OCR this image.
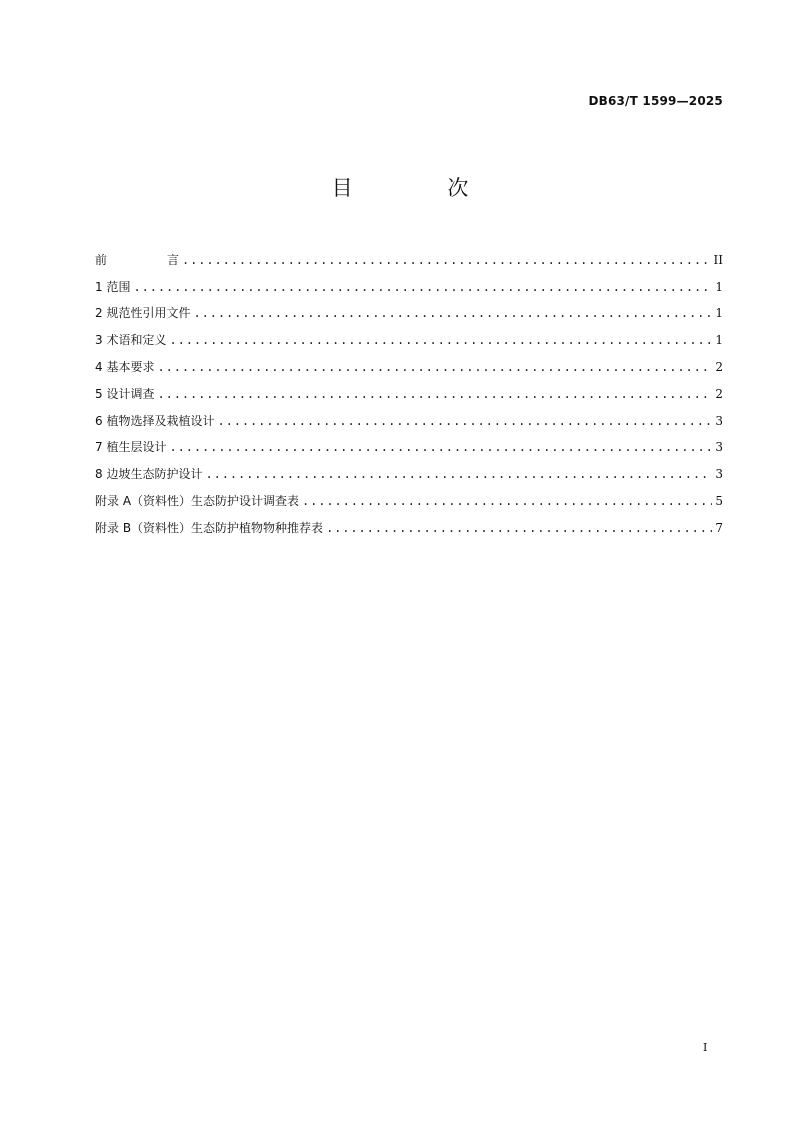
DB63/T 1599—2025
目 次
前	言 .....	II
1 范围 .....	1
2 规范性引用文件 .....	1
3 术语和定义 .....	1
4 基本要求 .....	2
5 设计调查 .....	2
6 植物选择及栽植设计 .....	3
7 植生层设计 .....	3
8 边坡生态防护设计 .....	3
附录 A（资料性）生态防护设计调查表 .....	5
附录 B（资料性）生态防护植物物种推荐表 .....	7
I
